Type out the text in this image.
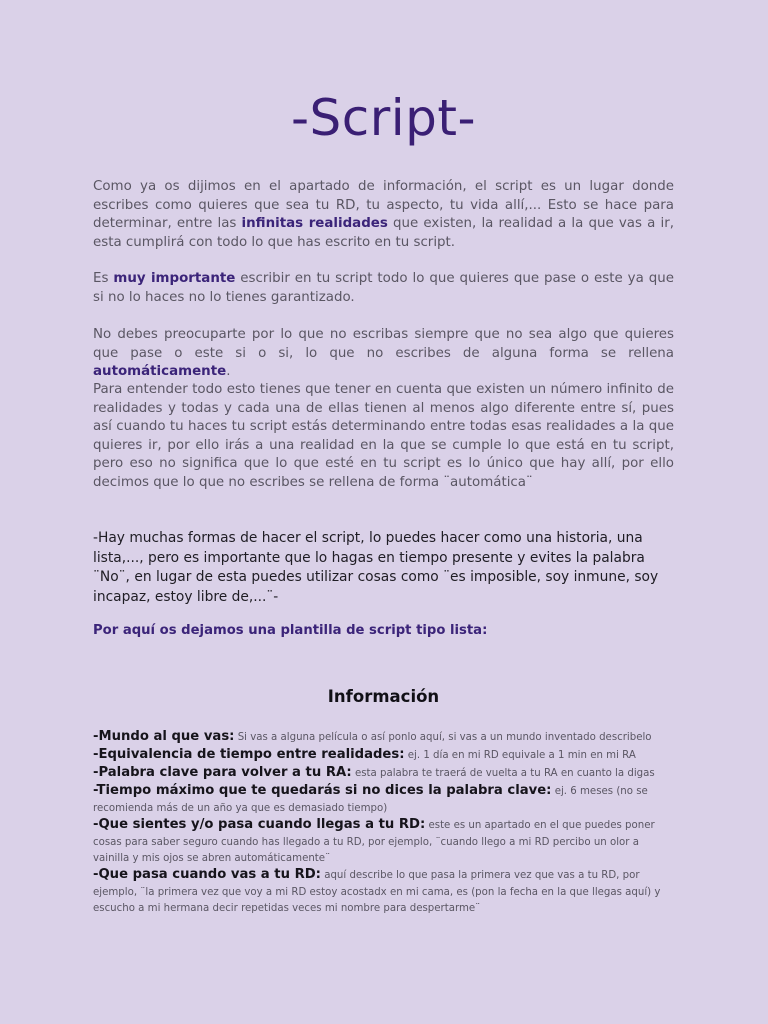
-Script-

Como ya os dijimos en el apartado de información, el script es un lugar donde escribes como quieres que sea tu RD, tu aspecto, tu vida allí,... Esto se hace para determinar, entre las infinitas realidades que existen, la realidad a la que vas a ir, esta cumplirá con todo lo que has escrito en tu script.

Es muy importante escribir en tu script todo lo que quieres que pase o este ya que si no lo haces no lo tienes garantizado.

No debes preocuparte por lo que no escribas siempre que no sea algo que quieres que pase o este si o si, lo que no escribes de alguna forma se rellena automáticamente.

Para entender todo esto tienes que tener en cuenta que existen un número infinito de realidades y todas y cada una de ellas tienen al menos algo diferente entre sí, pues así cuando tu haces tu script estás determinando entre todas esas realidades a la que quieres ir, por ello irás a una realidad en la que se cumple lo que está en tu script, pero eso no significa que lo que esté en tu script es lo único que hay allí, por ello decimos que lo que no escribes se rellena de forma ¨automática¨

-Hay muchas formas de hacer el script, lo puedes hacer como una historia, una lista,..., pero es importante que lo hagas en tiempo presente y evites la palabra ¨No¨, en lugar de esta puedes utilizar cosas como ¨es imposible, soy inmune, soy incapaz, estoy libre de,...¨-

Por aquí os dejamos una plantilla de script tipo lista:

Información

-Mundo al que vas: Si vas a alguna película o así ponlo aquí, si vas a un mundo inventado describelo

-Equivalencia de tiempo entre realidades: ej. 1 día en mi RD equivale a 1 min en mi RA

-Palabra clave para volver a tu RA: esta palabra te traerá de vuelta a tu RA en cuanto la digas

-Tiempo máximo que te quedarás si no dices la palabra clave: ej. 6 meses (no se recomienda más de un año ya que es demasiado tiempo)

-Que sientes y/o pasa cuando llegas a tu RD: este es un apartado en el que puedes poner cosas para saber seguro cuando has llegado a tu RD, por ejemplo, ¨cuando llego a mi RD percibo un olor a vainilla y mis ojos se abren automáticamente¨

-Que pasa cuando vas a tu RD: aquí describe lo que pasa la primera vez que vas a tu RD, por ejemplo, ¨la primera vez que voy a mi RD estoy acostadx en mi cama, es (pon la fecha en la que llegas aquí) y escucho a mi hermana decir repetidas veces mi nombre para despertarme¨
